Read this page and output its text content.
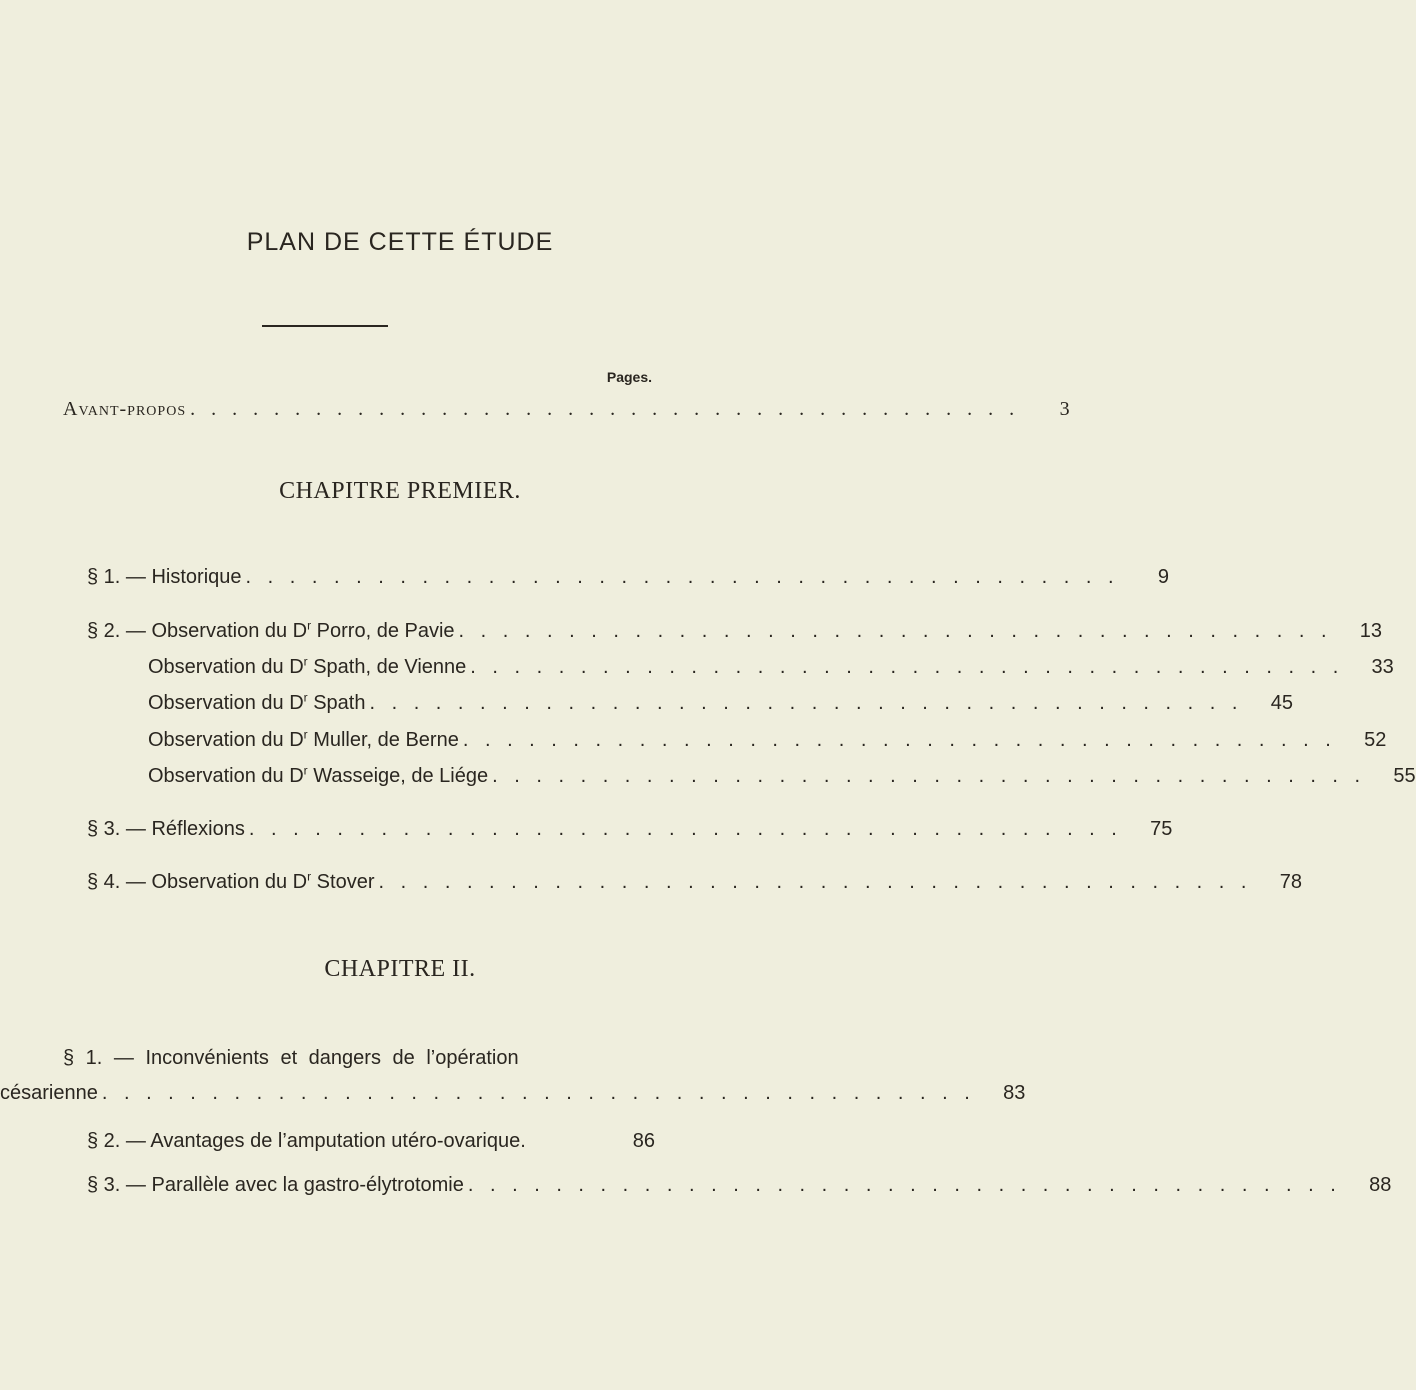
PLAN DE CETTE ÉTUDE
Pages.
Avant-propos . . . . . . . . . . . . . . . . . . . . . . . . . . . . . . . . . . . . . . . .	3
CHAPITRE PREMIER.
§ 1. — Historique . . . . . . . . . . . . . . . . . . . . . . . . . . . . . . . . . . . . . . . .	9
§ 2. — Observation du $D^r$ Porro, de Pavie . . . . . . . . . . . . . . . . . . . . . . . . . . . . . . . . . . . . . . . .	13
Observation du $D^r$ Spath, de Vienne . . . . . . . . . . . . . . . . . . . . . . . . . . . . . . . . . . . . . . . .	33
Observation du $D^r$ Spath . . . . . . . . . . . . . . . . . . . . . . . . . . . . . . . . . . . . . . . .	45
Observation du $D^r$ Muller, de Berne . . . . . . . . . . . . . . . . . . . . . . . . . . . . . . . . . . . . . . . .	52
Observation du $D^r$ Wasseige, de Liége . . . . . . . . . . . . . . . . . . . . . . . . . . . . . . . . . . . . . . . .	55
§ 3. — Réflexions . . . . . . . . . . . . . . . . . . . . . . . . . . . . . . . . . . . . . . . .	75
§ 4. — Observation du $D^r$ Stover . . . . . . . . . . . . . . . . . . . . . . . . . . . . . . . . . . . . . . . .	78
CHAPITRE II.
§ 1. — Inconvénients et dangers de l’opération
césarienne . . . . . . . . . . . . . . . . . . . . . . . . . . . . . . . . . . . . . . . .	83
§ 2. — Avantages de l’amputation utéro-ovarique.	86
§ 3. — Parallèle avec la gastro-élytrotomie . . . . . . . . . . . . . . . . . . . . . . . . . . . . . . . . . . . . . . . .	88
